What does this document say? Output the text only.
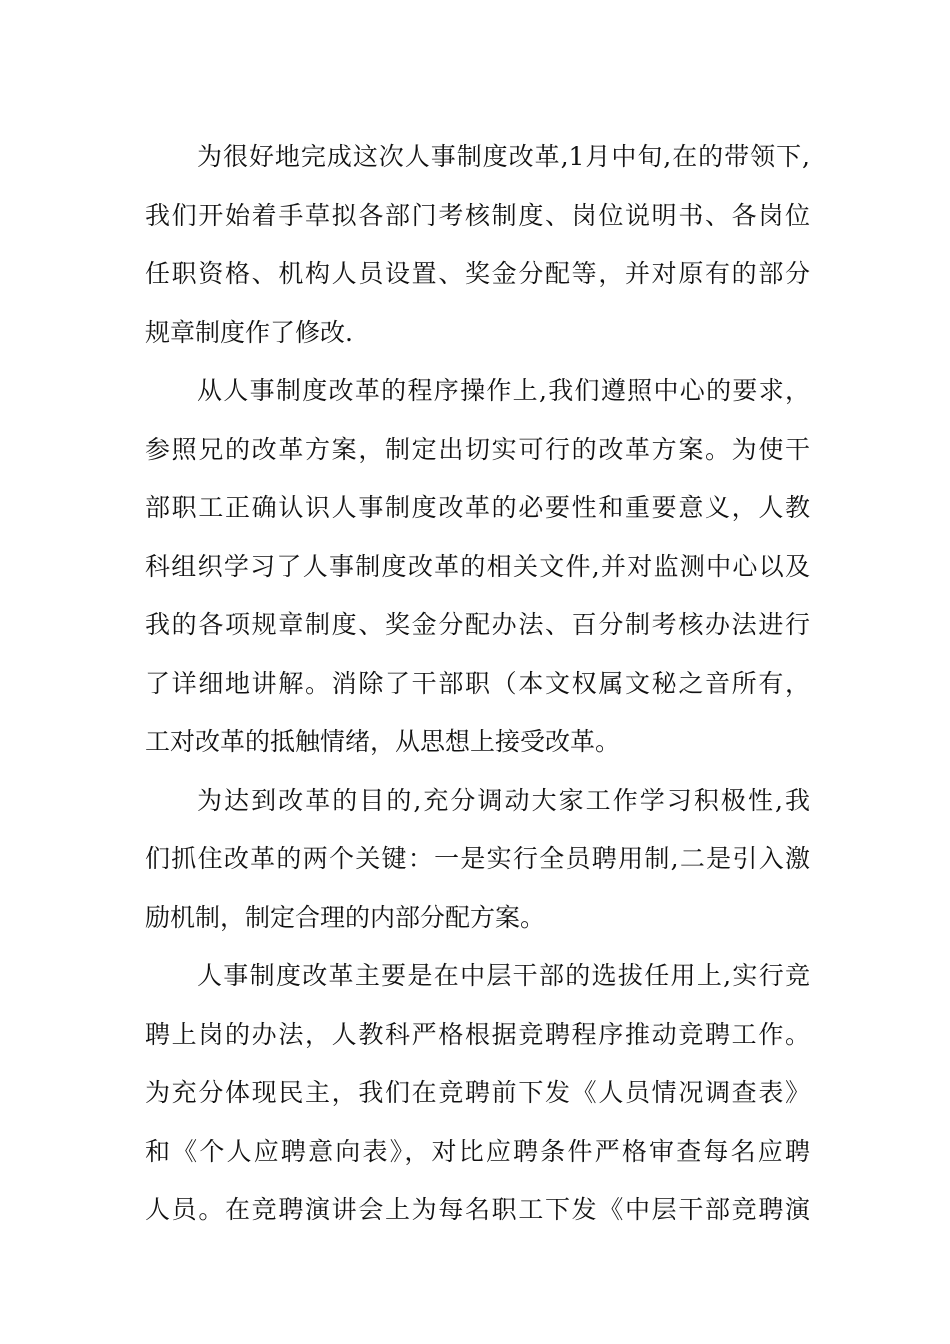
为很好地完成这次人事制度改革,1月中旬,在的带领下,
我们开始着手草拟各部门考核制度、岗位说明书、各岗位
任职资格、机构人员设置、奖金分配等，并对原有的部分
规章制度作了修改.
从人事制度改革的程序操作上,我们遵照中心的要求，
参照兄的改革方案，制定出切实可行的改革方案。为使干
部职工正确认识人事制度改革的必要性和重要意义，人教
科组织学习了人事制度改革的相关文件,并对监测中心以及
我的各项规章制度、奖金分配办法、百分制考核办法进行
了详细地讲解。消除了干部职（本文权属文秘之音所有，
工对改革的抵触情绪，从思想上接受改革。
为达到改革的目的,充分调动大家工作学习积极性,我
们抓住改革的两个关键：一是实行全员聘用制,二是引入激
励机制，制定合理的内部分配方案。
人事制度改革主要是在中层干部的选拔任用上,实行竞
聘上岗的办法，人教科严格根据竞聘程序推动竞聘工作。
为充分体现民主，我们在竞聘前下发《人员情况调查表》
和《个人应聘意向表》，对比应聘条件严格审查每名应聘
人员。在竞聘演讲会上为每名职工下发《中层干部竞聘演
